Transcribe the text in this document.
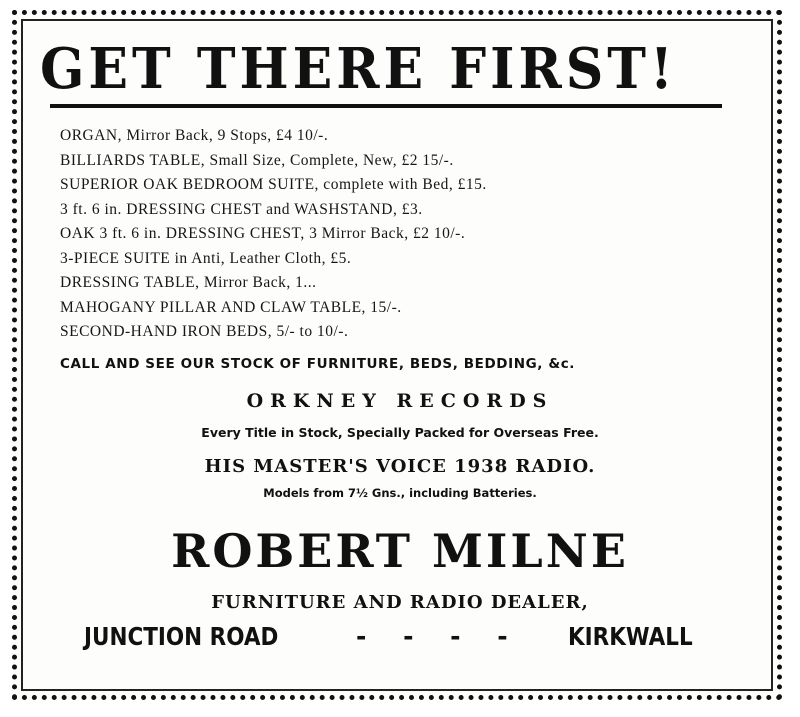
GET THERE FIRST!
ORGAN, Mirror Back, 9 Stops, £4 10/-.
BILLIARDS TABLE, Small Size, Complete, New, £2 15/-.
SUPERIOR OAK BEDROOM SUITE, complete with Bed, £15.
3 ft. 6 in. DRESSING CHEST and WASHSTAND, £3.
OAK 3 ft. 6 in. DRESSING CHEST, 3 Mirror Back, £2 10/-.
3-PIECE SUITE in Anti, Leather Cloth, £5.
DRESSING TABLE, Mirror Back, 1...
MAHOGANY PILLAR AND CLAW TABLE, 15/-.
SECOND-HAND IRON BEDS, 5/- to 10/-.
CALL AND SEE OUR STOCK OF FURNITURE, BEDS, BEDDING, &c.
ORKNEY RECORDS
Every Title in Stock, Specially Packed for Overseas Free.
HIS MASTER'S VOICE 1938 RADIO.
Models from 7½ Gns., including Batteries.
ROBERT MILNE
FURNITURE AND RADIO DEALER,
JUNCTION ROAD	- - - - KIRKWALL
